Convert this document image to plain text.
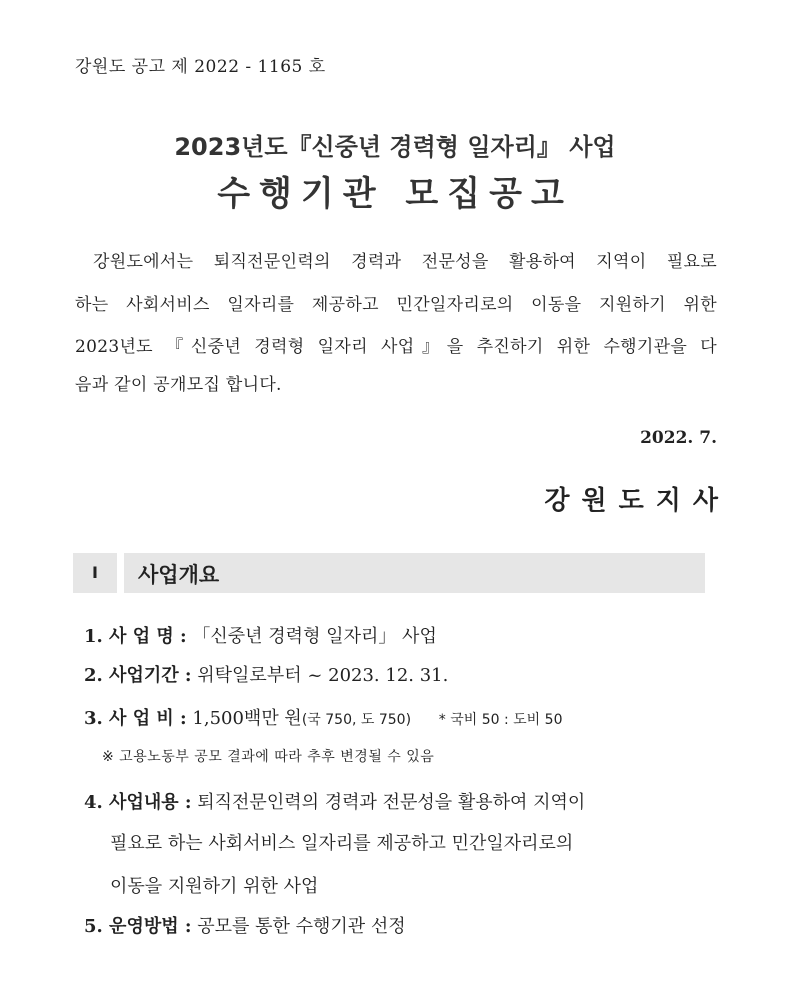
강원도 공고 제 2022 - 1165 호
2023년도『신중년 경력형 일자리』 사업
수행기관 모집공고
강원도에서는 퇴직전문인력의 경력과 전문성을 활용하여 지역이 필요로
하는 사회서비스 일자리를 제공하고 민간일자리로의 이동을 지원하기 위한
2023년도 『신중년 경력형 일자리 사업』을 추진하기 위한 수행기관을 다
음과 같이 공개모집 합니다.
2022. 7.
강원도지사
Ⅰ	사업개요
1. 사 업 명 : 「신중년 경력형 일자리」 사업
2. 사업기간 : 위탁일로부터 ~ 2023. 12. 31.
3. 사 업 비 : 1,500백만 원(국 750, 도 750) * 국비 50 : 도비 50
※ 고용노동부 공모 결과에 따라 추후 변경될 수 있음
4. 사업내용 : 퇴직전문인력의 경력과 전문성을 활용하여 지역이
필요로 하는 사회서비스 일자리를 제공하고 민간일자리로의
이동을 지원하기 위한 사업
5. 운영방법 : 공모를 통한 수행기관 선정
